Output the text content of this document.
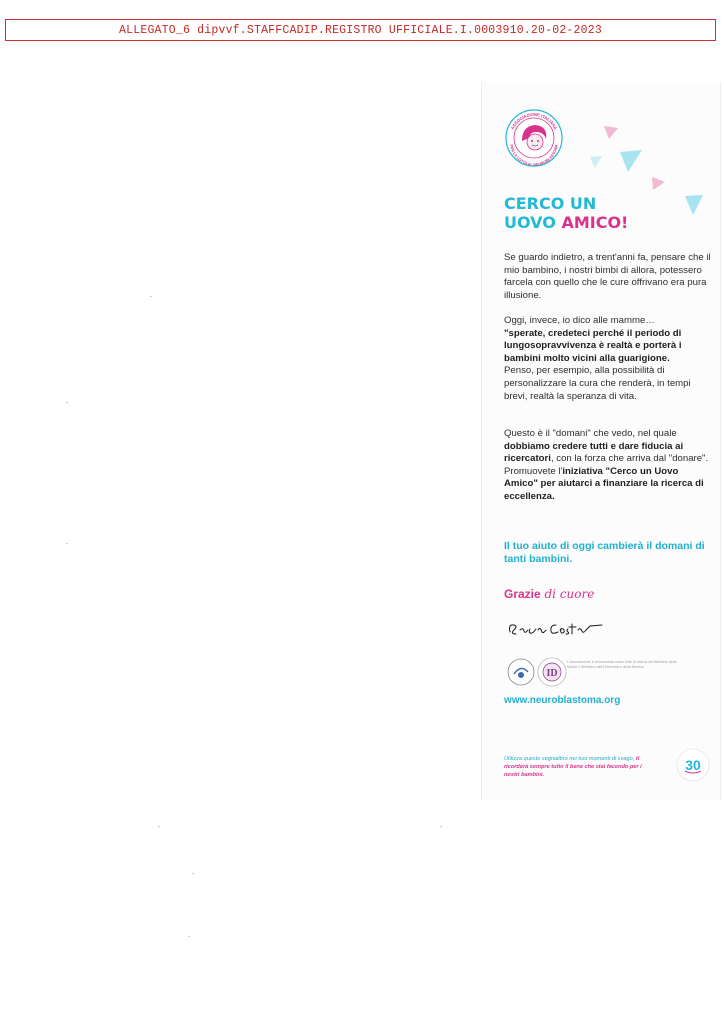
ALLEGATO_6 dipvvf.STAFFCADIP.REGISTRO UFFICIALE.I.0003910.20-02-2023
ASSOCIAZIONE ITALIANA
PER LA LOTTA AL NEUROBLASTOMA
CERCO UN
UOVO AMICO!

Se guardo indietro, a trent'anni fa, pensare che il mio bambino, i nostri bimbi di allora, potessero farcela con quello che le cure offrivano era pura illusione.

Oggi, invece, io dico alle mamme…
"sperate, credeteci perché il periodo di lungosopravvivenza è realtà e porterà i bambini molto vicini alla guarigione.
Penso, per esempio, alla possibilità di personalizzare la cura che renderà, in tempi brevi, realtà la speranza di vita.

Questo è il "domani" che vedo, nel quale dobbiamo credere tutti e dare fiducia ai ricercatori, con la forza che arriva dal "donare".
Promuovete l'iniziativa "Cerco un Uovo Amico" per aiutarci a finanziare la ricerca di eccellenza.

Il tuo aiuto di oggi cambierà il domani di tanti bambini.

Grazie di cuore

ID

L'Associazione è riconosciuta come ente di ricerca da Ministero della Salute e Ministero dell'Università e della Ricerca

www.neuroblastoma.org

Utilizza questo segnalibro nei tuoi momenti di svago, ti ricorderà sempre tutto il bene che stai facendo per i nostri bambini.

30
